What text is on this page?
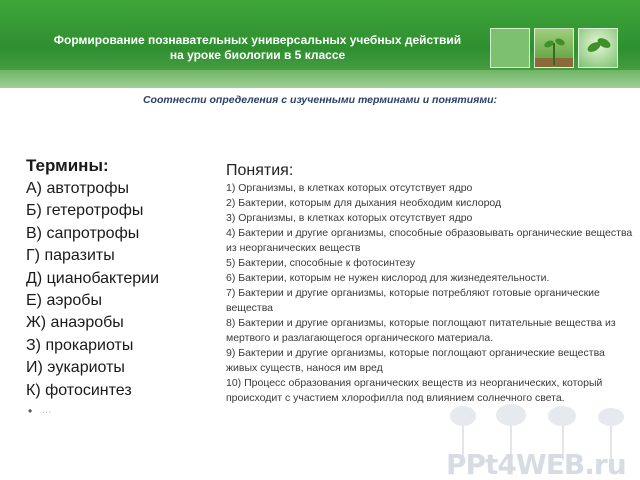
Формирование познавательных универсальных учебных действий
на уроке биологии в 5 классе
Соотнести определения с изученными терминами и понятиями:
Термины:
А) автотрофы
Б) гетеротрофы
В) сапротрофы
Г) паразиты
Д) цианобактерии
Е) аэробы
Ж) анаэробы
З) прокариоты
И) эукариоты
К) фотосинтез
• ...
Понятия:
1) Организмы, в клетках которых отсутствует ядро
2) Бактерии, которым для дыхания необходим кислород
3) Организмы, в клетках которых отсутствует ядро
4) Бактерии и другие организмы, способные образовывать органические вещества из неорганических веществ
5) Бактерии, способные к фотосинтезу
6) Бактерии, которым не нужен кислород для жизнедеятельности.
7) Бактерии и другие организмы, которые потребляют готовые органические вещества
8) Бактерии и другие организмы, которые поглощают питательные вещества из мертвого и разлагающегося органического материала.
9) Бактерии и другие организмы, которые поглощают органические вещества живых существ, нанося им вред
10) Процесс образования органических веществ из неорганических, который происходит с участием хлорофилла под влиянием солнечного света.
PPt4WEB.ru
